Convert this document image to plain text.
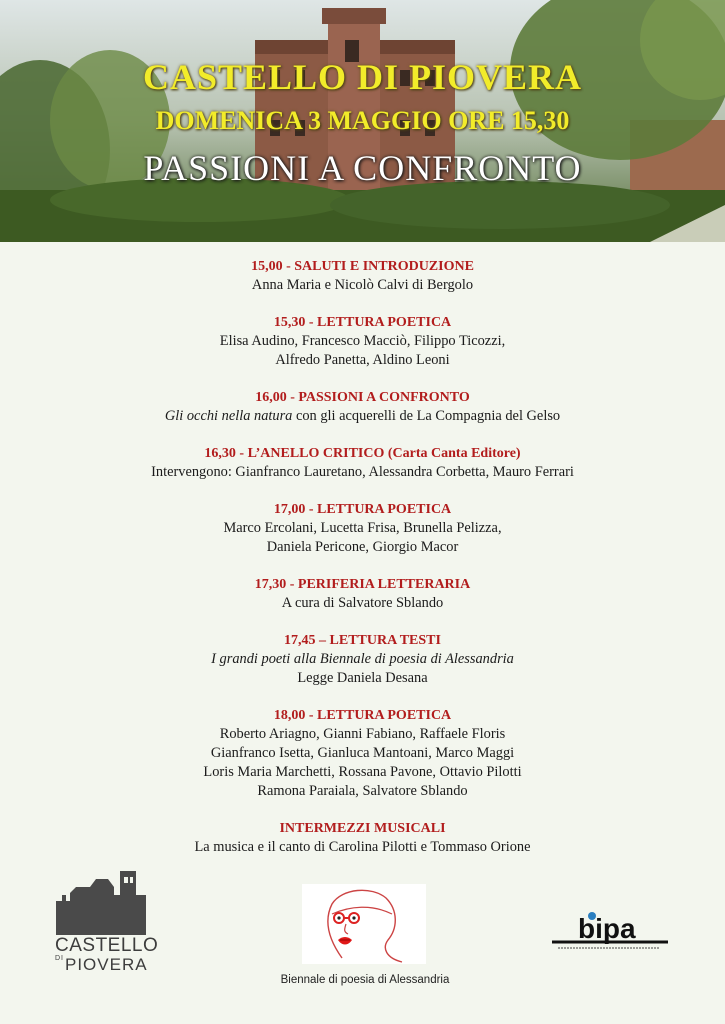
CASTELLO DI PIOVERA
DOMENICA 3 MAGGIO ORE 15,30
PASSIONI A CONFRONTO
15,00 - SALUTI E INTRODUZIONE
Anna Maria e Nicolò Calvi di Bergolo
15,30 - LETTURA POETICA
Elisa Audino, Francesco Macciò, Filippo Ticozzi,
Alfredo Panetta, Aldino Leoni
16,00 - PASSIONI A CONFRONTO
Gli occhi nella natura con gli acquerelli de La Compagnia del Gelso
16,30 - L’ANELLO CRITICO (Carta Canta Editore)
Intervengono: Gianfranco Lauretano, Alessandra Corbetta, Mauro Ferrari
17,00 - LETTURA POETICA
Marco Ercolani, Lucetta Frisa, Brunella Pelizza,
Daniela Pericone, Giorgio Macor
17,30 - PERIFERIA LETTERARIA
A cura di Salvatore Sblando
17,45 – LETTURA TESTI
I grandi poeti alla Biennale di poesia di Alessandria
Legge Daniela Desana
18,00 - LETTURA POETICA
Roberto Ariagno, Gianni Fabiano, Raffaele Floris
Gianfranco Isetta, Gianluca Mantoani, Marco Maggi
Loris Maria Marchetti, Rossana Pavone, Ottavio Pilotti
Ramona Paraiala, Salvatore Sblando
INTERMEZZI MUSICALI
La musica e il canto di Carolina Pilotti e Tommaso Orione
CASTELLO
$^{DI}$PIOVERA
Biennale di poesia di Alessandria
bipa
